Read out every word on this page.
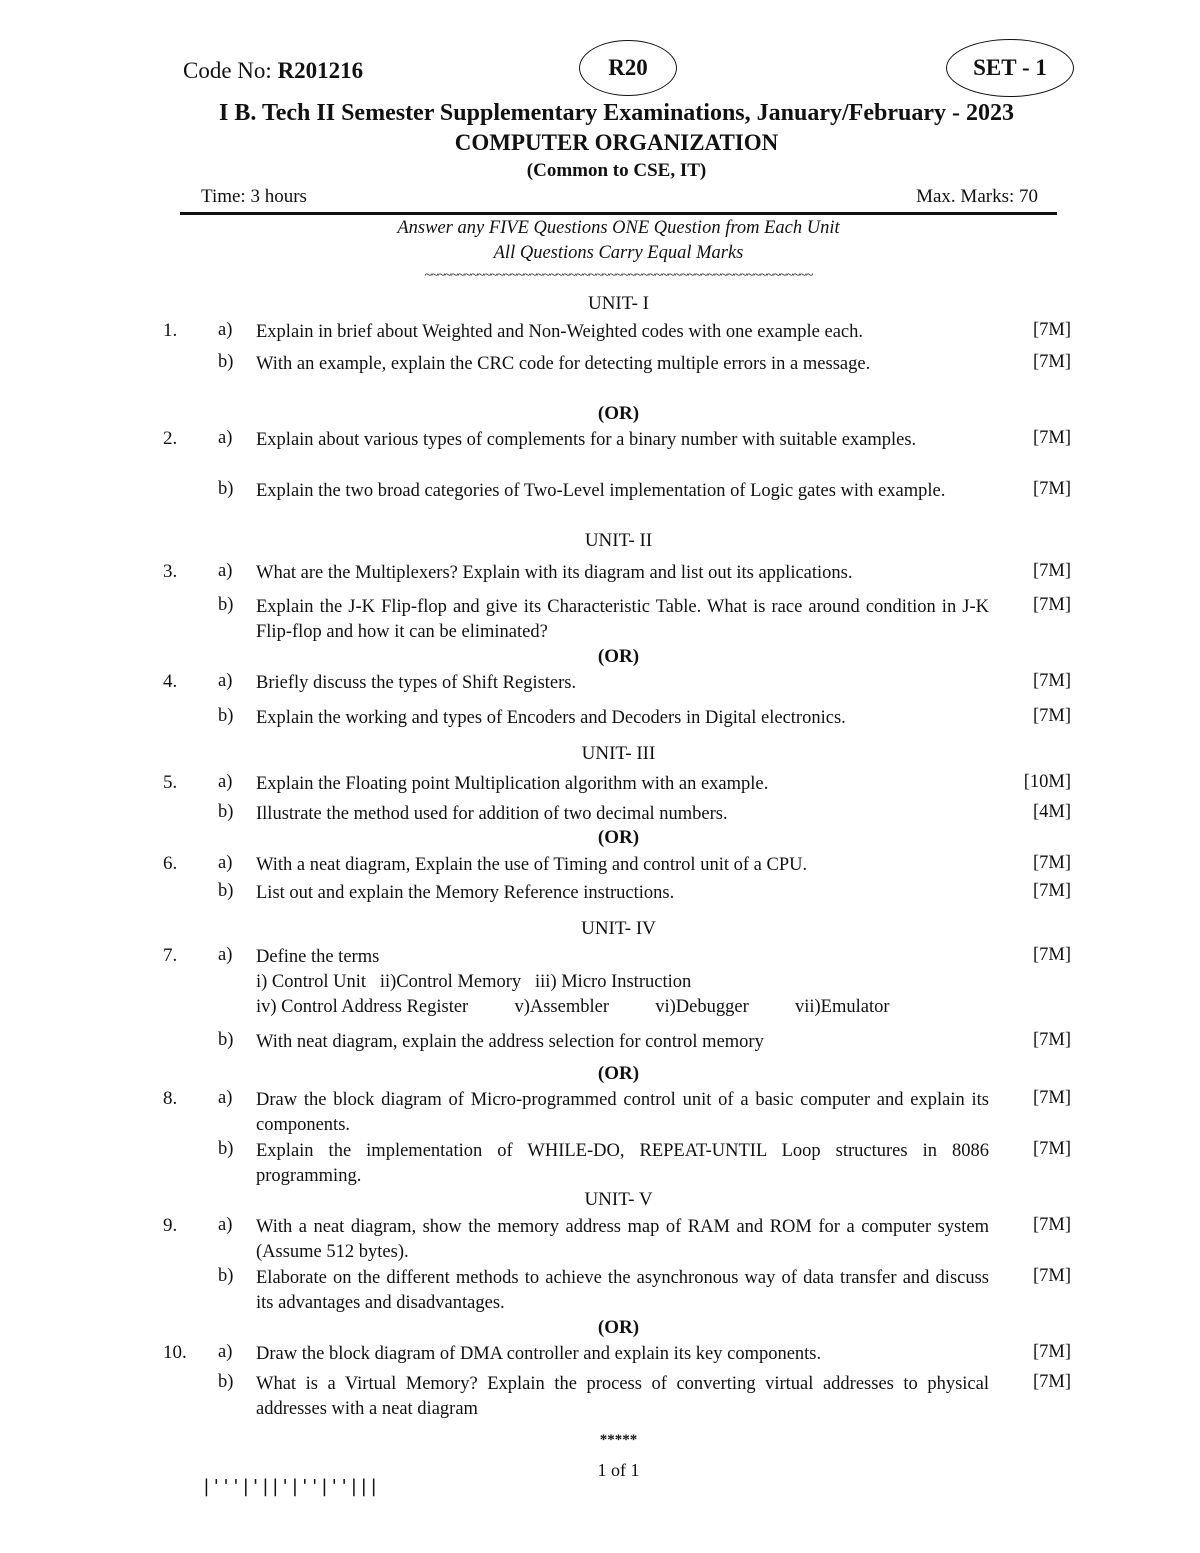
Code No: R201216	R20	SET - 1
I B. Tech II Semester Supplementary Examinations, January/February - 2023
COMPUTER ORGANIZATION
(Common to CSE, IT)
Time: 3 hours	Max. Marks: 70
Answer any FIVE Questions ONE Question from Each Unit
All Questions Carry Equal Marks
~~~~~~~~~~~~~~~~~~~~~~~~~~~~~~~~~~~~~~~~~~~~~~~~~~~~~~~~~~~
UNIT- I
1. a) Explain in brief about Weighted and Non-Weighted codes with one example each.	[7M]
b) With an example, explain the CRC code for detecting multiple errors in a message.	[7M]
(OR)
2. a) Explain about various types of complements for a binary number with suitable examples.	[7M]
b) Explain the two broad categories of Two-Level implementation of Logic gates with example.	[7M]
UNIT- II
3. a) What are the Multiplexers? Explain with its diagram and list out its applications.	[7M]
b) Explain the J-K Flip-flop and give its Characteristic Table. What is race around condition in J-K Flip-flop and how it can be eliminated?
[7M]
(OR)
4. a) Briefly discuss the types of Shift Registers.	[7M]
b) Explain the working and types of Encoders and Decoders in Digital electronics.	[7M]
UNIT- III
5. a) Explain the Floating point Multiplication algorithm with an example.	[10M]
b) Illustrate the method used for addition of two decimal numbers.	[4M]
(OR)
6. a) With a neat diagram, Explain the use of Timing and control unit of a CPU.	[7M]
b) List out and explain the Memory Reference instructions.	[7M]
UNIT- IV
7. a) Define the terms
i) Control Unit   ii)Control Memory   iii) Micro Instruction
iv) Control Address Register          v)Assembler          vi)Debugger          vii)Emulator
[7M]
b) With neat diagram, explain the address selection for control memory	[7M]
(OR)
8. a) Draw the block diagram of Micro-programmed control unit of a basic computer and explain its components.
[7M]
b) Explain the implementation of WHILE-DO, REPEAT-UNTIL Loop structures in 8086 programming.
[7M]
UNIT- V
9. a) With a neat diagram, show the memory address map of RAM and ROM for a computer system (Assume 512 bytes).
[7M]
b) Elaborate on the different methods to achieve the asynchronous way of data transfer and discuss its advantages and disadvantages.
[7M]
(OR)
10. a) Draw the block diagram of DMA controller and explain its key components.	[7M]
b) What is a Virtual Memory? Explain the process of converting virtual addresses to physical addresses with a neat diagram
[7M]
*****
1 of 1
|'''|'||'|''|''|||
